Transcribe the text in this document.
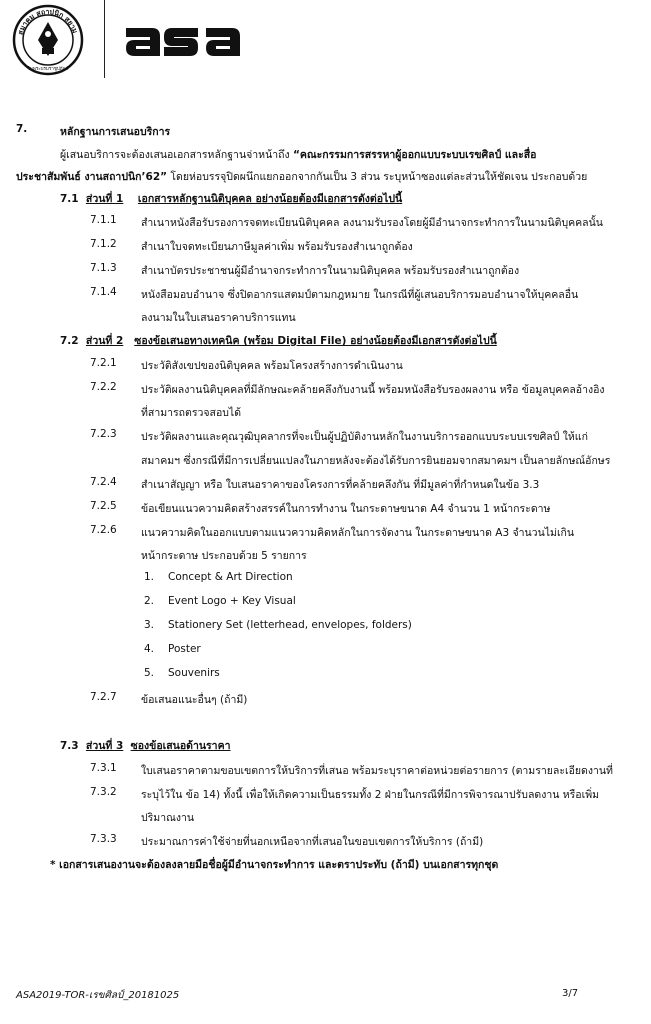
สมาคม สถาปนิก สยาม
ในพระบรมราชูปถัมภ์
7.	หลักฐานการเสนอบริการ
ผู้เสนอบริการจะต้องเสนอเอกสารหลักฐานจ่าหน้าถึง “คณะกรรมการสรรหาผู้ออกแบบระบบเรขศิลป์ และสื่อ
ประชาสัมพันธ์ งานสถาปนิก’62” โดยห่อบรรจุปิดผนึกแยกออกจากกันเป็น 3 ส่วน ระบุหน้าซองแต่ละส่วนให้ชัดเจน ประกอบด้วย
7.1 ส่วนที่ 1 เอกสารหลักฐานนิติบุคคล อย่างน้อยต้องมีเอกสารดังต่อไปนี้
7.1.1 สำเนาหนังสือรับรองการจดทะเบียนนิติบุคคล ลงนามรับรองโดยผู้มีอำนาจกระทำการในนามนิติบุคคลนั้น
7.1.2 สำเนาใบจดทะเบียนภาษีมูลค่าเพิ่ม พร้อมรับรองสำเนาถูกต้อง
7.1.3 สำเนาบัตรประชาชนผู้มีอำนาจกระทำการในนามนิติบุคคล พร้อมรับรองสำเนาถูกต้อง
7.1.4 หนังสือมอบอำนาจ ซึ่งปิดอากรแสตมป์ตามกฎหมาย ในกรณีที่ผู้เสนอบริการมอบอำนาจให้บุคคลอื่น
ลงนามในใบเสนอราคาบริการแทน
7.2 ส่วนที่ 2 ซองข้อเสนอทางเทคนิค (พร้อม Digital File) อย่างน้อยต้องมีเอกสารดังต่อไปนี้
7.2.1 ประวัติสังเขปของนิติบุคคล พร้อมโครงสร้างการดำเนินงาน
7.2.2 ประวัติผลงานนิติบุคคลที่มีลักษณะคล้ายคลึงกับงานนี้ พร้อมหนังสือรับรองผลงาน หรือ ข้อมูลบุคคลอ้างอิง
ที่สามารถตรวจสอบได้
7.2.3 ประวัติผลงานและคุณวุฒิบุคลากรที่จะเป็นผู้ปฏิบัติงานหลักในงานบริการออกแบบระบบเรขศิลป์ ให้แก่
สมาคมฯ ซึ่งกรณีที่มีการเปลี่ยนแปลงในภายหลังจะต้องได้รับการยินยอมจากสมาคมฯ เป็นลายลักษณ์อักษร
7.2.4 สำเนาสัญญา หรือ ใบเสนอราคาของโครงการที่คล้ายคลึงกัน ที่มีมูลค่าที่กำหนดในข้อ 3.3
7.2.5 ข้อเขียนแนวความคิดสร้างสรรค์ในการทำงาน ในกระดาษขนาด A4 จำนวน 1 หน้ากระดาษ
7.2.6 แนวความคิดในออกแบบตามแนวความคิดหลักในการจัดงาน ในกระดาษขนาด A3 จำนวนไม่เกิน
หน้ากระดาษ ประกอบด้วย 5 รายการ
1. Concept & Art Direction
2. Event Logo + Key Visual
3. Stationery Set (letterhead, envelopes, folders)
4. Poster
5. Souvenirs
7.2.7 ข้อเสนอแนะอื่นๆ (ถ้ามี)
7.3 ส่วนที่ 3 ซองข้อเสนอด้านราคา
7.3.1 ใบเสนอราคาตามขอบเขตการให้บริการที่เสนอ พร้อมระบุราคาต่อหน่วยต่อรายการ (ตามรายละเอียดงานที่
7.3.2 ระบุไว้ใน ข้อ 14) ทั้งนี้ เพื่อให้เกิดความเป็นธรรมทั้ง 2 ฝ่ายในกรณีที่มีการพิจารณาปรับลดงาน หรือเพิ่ม
ปริมาณงาน
7.3.3 ประมาณการค่าใช้จ่ายที่นอกเหนือจากที่เสนอในขอบเขตการให้บริการ (ถ้ามี)
* เอกสารเสนองานจะต้องลงลายมือชื่อผู้มีอำนาจกระทำการ และตราประทับ (ถ้ามี) บนเอกสารทุกชุด
ASA2019-TOR-เรขศิลป์_20181025	3/7
